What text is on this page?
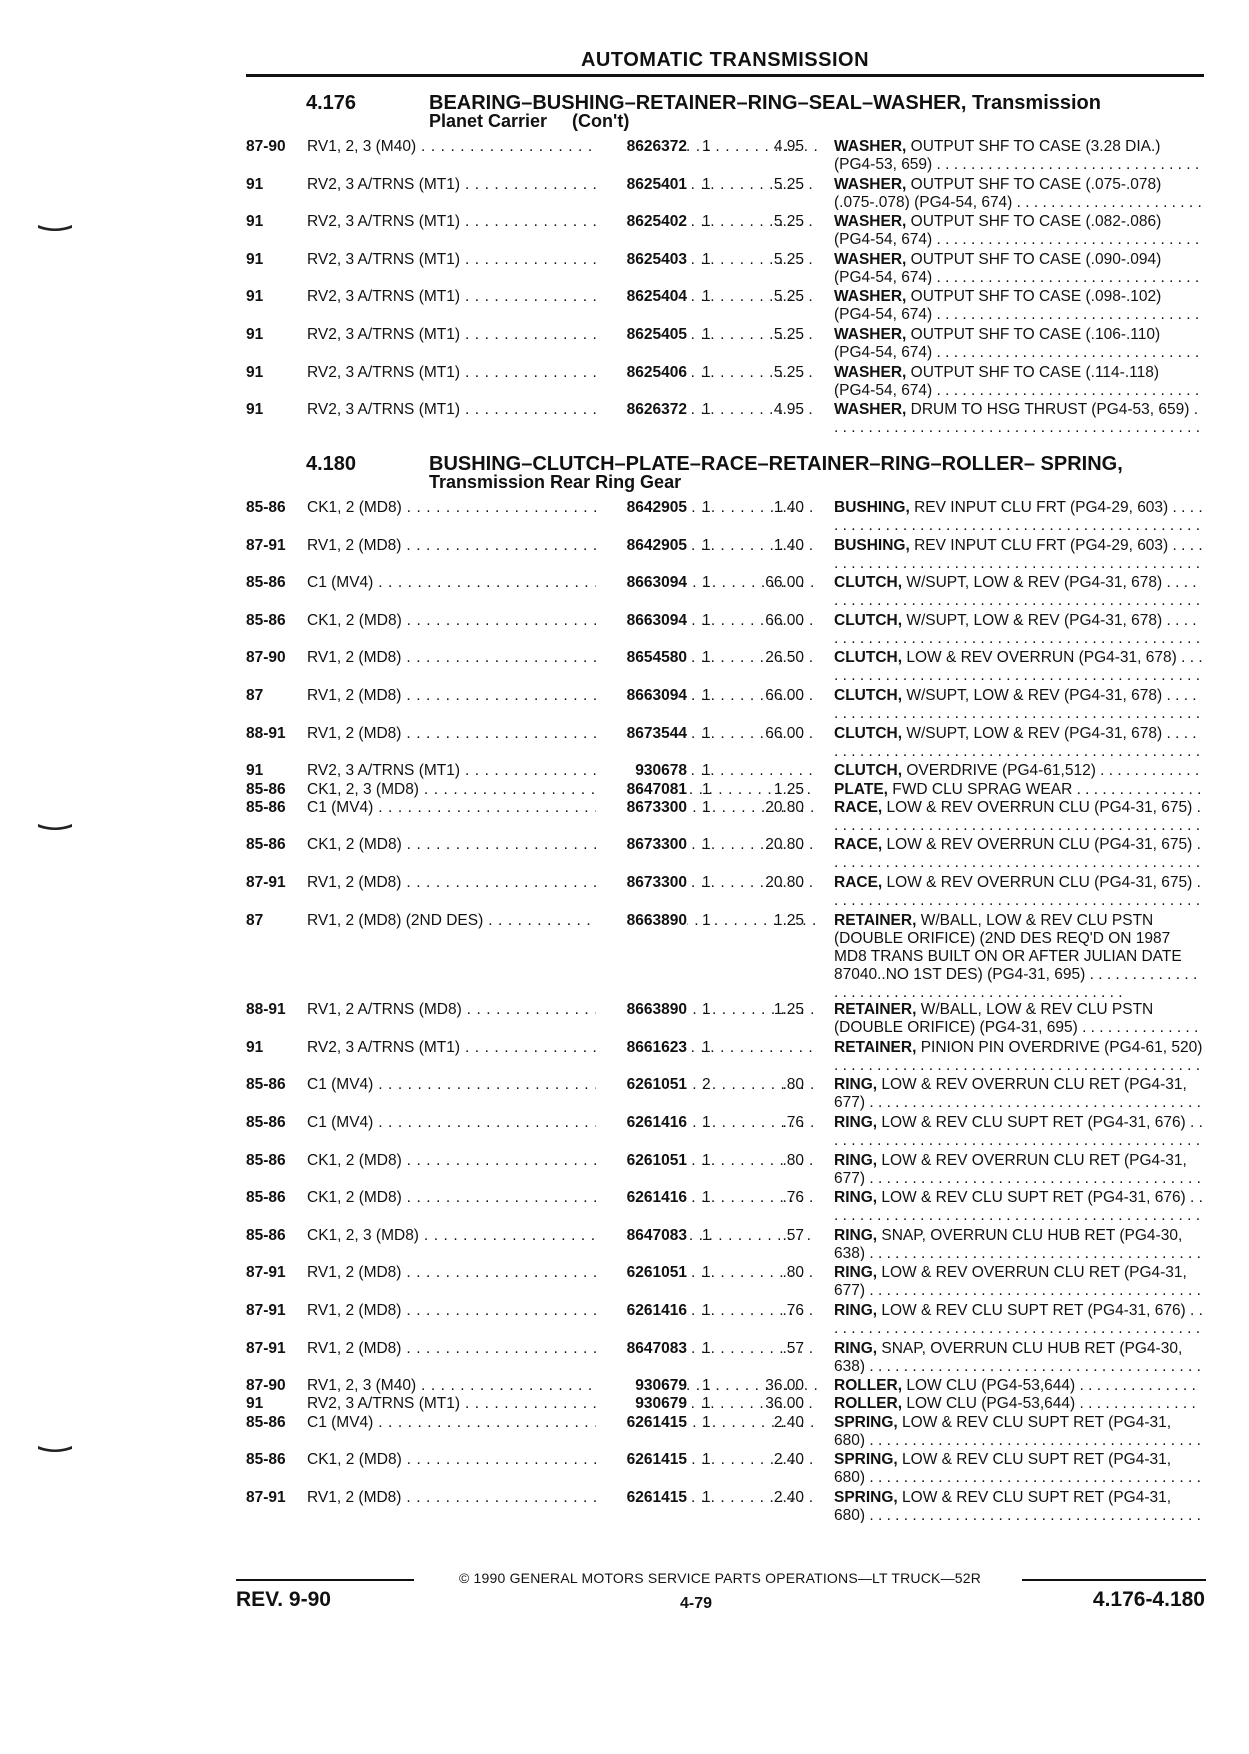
AUTOMATIC TRANSMISSION
4.176	BEARING–BUSHING–RETAINER–RING–SEAL–WASHER, Transmission
Planet Carrier     (Con't)
4.180	BUSHING–CLUTCH–PLATE–RACE–RETAINER–RING–ROLLER– SPRING,
Transmission Rear Ring Gear
87-90	RV1, 2, 3 (M40) . . .	8626372 1	4.95 WASHER, OUTPUT SHF TO CASE (3.28 DIA.) (PG4-53, 659) . . .
91	RV2, 3 A/TRNS (MT1) . . .	8625401 1	5.25 WASHER, OUTPUT SHF TO CASE (.075-.078) (.075-.078) (PG4-54, 674) . . .
91	RV2, 3 A/TRNS (MT1) . . .	8625402 1	5.25 WASHER, OUTPUT SHF TO CASE (.082-.086) (PG4-54, 674) . . .
91	RV2, 3 A/TRNS (MT1) . . .	8625403 1	5.25 WASHER, OUTPUT SHF TO CASE (.090-.094) (PG4-54, 674) . . .
91	RV2, 3 A/TRNS (MT1) . . .	8625404 1	5.25 WASHER, OUTPUT SHF TO CASE (.098-.102) (PG4-54, 674) . . .
91	RV2, 3 A/TRNS (MT1) . . .	8625405 1	5.25 WASHER, OUTPUT SHF TO CASE (.106-.110) (PG4-54, 674) . . .
91	RV2, 3 A/TRNS (MT1) . . .	8625406 1	5.25 WASHER, OUTPUT SHF TO CASE (.114-.118) (PG4-54, 674) . . .
91	RV2, 3 A/TRNS (MT1) . . .	8626372 1	4.95 WASHER, DRUM TO HSG THRUST (PG4-53, 659) . . .
85-86	CK1, 2 (MD8) . . .	8642905 1	1.40 BUSHING, REV INPUT CLU FRT (PG4-29, 603) . . .
87-91	RV1, 2 (MD8) . . .	8642905 1	1.40 BUSHING, REV INPUT CLU FRT (PG4-29, 603) . . .
85-86	C1 (MV4) . . .	8663094 1	66.00 CLUTCH, W/SUPT, LOW & REV (PG4-31, 678) . . .
85-86	CK1, 2 (MD8) . . .	8663094 1	66.00 CLUTCH, W/SUPT, LOW & REV (PG4-31, 678) . . .
87-90	RV1, 2 (MD8) . . .	8654580 1	26.50 CLUTCH, LOW & REV OVERRUN (PG4-31, 678) . . .
87	RV1, 2 (MD8) . . .	8663094 1	66.00 CLUTCH, W/SUPT, LOW & REV (PG4-31, 678) . . .
88-91	RV1, 2 (MD8) . . .	8673544 1	66.00 CLUTCH, W/SUPT, LOW & REV (PG4-31, 678) . . .
91	RV2, 3 A/TRNS (MT1) . . .	930678 1	CLUTCH, OVERDRIVE (PG4-61,512) . . .
85-86	CK1, 2, 3 (MD8) . . .	8647081 1	1.25 PLATE, FWD CLU SPRAG WEAR . . .
85-86	C1 (MV4) . . .	8673300 1	20.80 RACE, LOW & REV OVERRUN CLU (PG4-31, 675) . . .
85-86	CK1, 2 (MD8) . . .	8673300 1	20.80 RACE, LOW & REV OVERRUN CLU (PG4-31, 675) . . .
87-91	RV1, 2 (MD8) . . .	8673300 1	20.80 RACE, LOW & REV OVERRUN CLU (PG4-31, 675) . . .
87	RV1, 2 (MD8) (2ND DES) . . .	8663890 1	1.25 RETAINER, W/BALL, LOW & REV CLU PSTN (DOUBLE ORIFICE) (2ND DES REQ'D ON 1987 MD8 TRANS BUILT ON OR AFTER JULIAN DATE 87040..NO 1ST DES) (PG4-31, 695) . . .
88-91	RV1, 2 A/TRNS (MD8) . . .	8663890 1	1.25 RETAINER, W/BALL, LOW & REV CLU PSTN (DOUBLE ORIFICE) (PG4-31, 695) . . .
91	RV2, 3 A/TRNS (MT1) . . .	8661623 1	RETAINER, PINION PIN OVERDRIVE (PG4-61, 520) . . .
85-86	C1 (MV4) . . .	6261051 2	.80 RING, LOW & REV OVERRUN CLU RET (PG4-31, 677) . . .
85-86	C1 (MV4) . . .	6261416 1	.76 RING, LOW & REV CLU SUPT RET (PG4-31, 676) . . .
85-86	CK1, 2 (MD8) . . .	6261051 1	.80 RING, LOW & REV OVERRUN CLU RET (PG4-31, 677) . . .
85-86	CK1, 2 (MD8) . . .	6261416 1	.76 RING, LOW & REV CLU SUPT RET (PG4-31, 676) . . .
85-86	CK1, 2, 3 (MD8) . . .	8647083 1	.57 RING, SNAP, OVERRUN CLU HUB RET (PG4-30, 638) . . .
87-91	RV1, 2 (MD8) . . .	6261051 1	.80 RING, LOW & REV OVERRUN CLU RET (PG4-31, 677) . . .
87-91	RV1, 2 (MD8) . . .	6261416 1	.76 RING, LOW & REV CLU SUPT RET (PG4-31, 676) . . .
87-91	RV1, 2 (MD8) . . .	8647083 1	.57 RING, SNAP, OVERRUN CLU HUB RET (PG4-30, 638) . . .
87-90	RV1, 2, 3 (M40) . . .	930679 1	36.00 ROLLER, LOW CLU (PG4-53,644) . . .
91	RV2, 3 A/TRNS (MT1) . . .	930679 1	36.00 ROLLER, LOW CLU (PG4-53,644) . . .
85-86	C1 (MV4) . . .	6261415 1	2.40 SPRING, LOW & REV CLU SUPT RET (PG4-31, 680) . . .
85-86	CK1, 2 (MD8) . . .	6261415 1	2.40 SPRING, LOW & REV CLU SUPT RET (PG4-31, 680) . . .
87-91	RV1, 2 (MD8) . . .	6261415 1	2.40 SPRING, LOW & REV CLU SUPT RET (PG4-31, 680) . . .
© 1990 GENERAL MOTORS SERVICE PARTS OPERATIONS—LT TRUCK—52R
REV. 9-90	4-79	4.176-4.180
